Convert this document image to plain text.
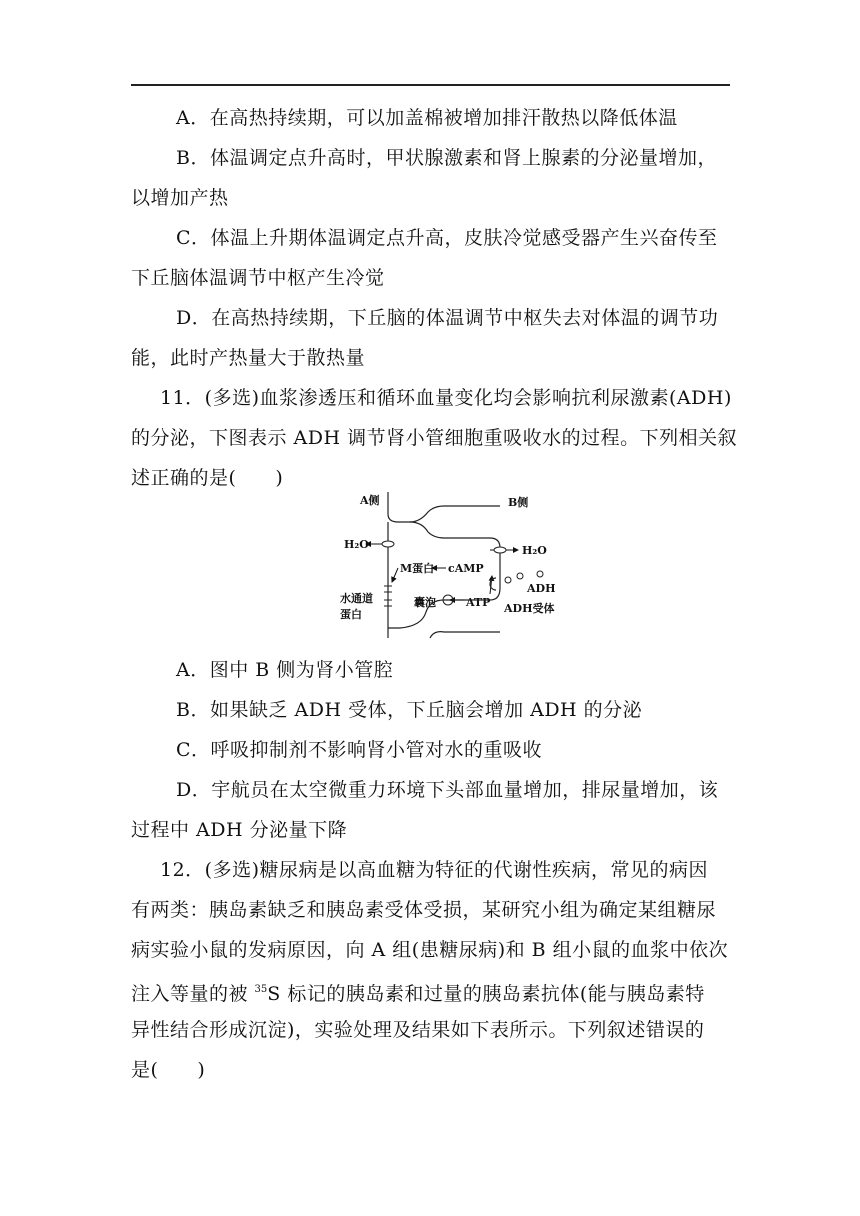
A．在高热持续期，可以加盖棉被增加排汗散热以降低体温
B．体温调定点升高时，甲状腺激素和肾上腺素的分泌量增加，
以增加产热
C．体温上升期体温调定点升高，皮肤冷觉感受器产生兴奋传至
下丘脑体温调节中枢产生冷觉
D．在高热持续期，下丘脑的体温调节中枢失去对体温的调节功
能，此时产热量大于散热量
11．(多选)血浆渗透压和循环血量变化均会影响抗利尿激素(ADH)
的分泌，下图表示 ADH 调节肾小管细胞重吸收水的过程。下列相关叙
述正确的是(　　)
A侧	B侧
H₂O	H₂O
M蛋白 cAMP
囊泡	ATP
ADH
ADH受体
水通道
蛋白
A．图中 B 侧为肾小管腔
B．如果缺乏 ADH 受体，下丘脑会增加 ADH 的分泌
C．呼吸抑制剂不影响肾小管对水的重吸收
D．宇航员在太空微重力环境下头部血量增加，排尿量增加，该
过程中 ADH 分泌量下降
12．(多选)糖尿病是以高血糖为特征的代谢性疾病，常见的病因
有两类：胰岛素缺乏和胰岛素受体受损，某研究小组为确定某组糖尿
病实验小鼠的发病原因，向 A 组(患糖尿病)和 B 组小鼠的血浆中依次
注入等量的被 $^{35}$S 标记的胰岛素和过量的胰岛素抗体(能与胰岛素特
异性结合形成沉淀)，实验处理及结果如下表所示。下列叙述错误的
是(　　)
